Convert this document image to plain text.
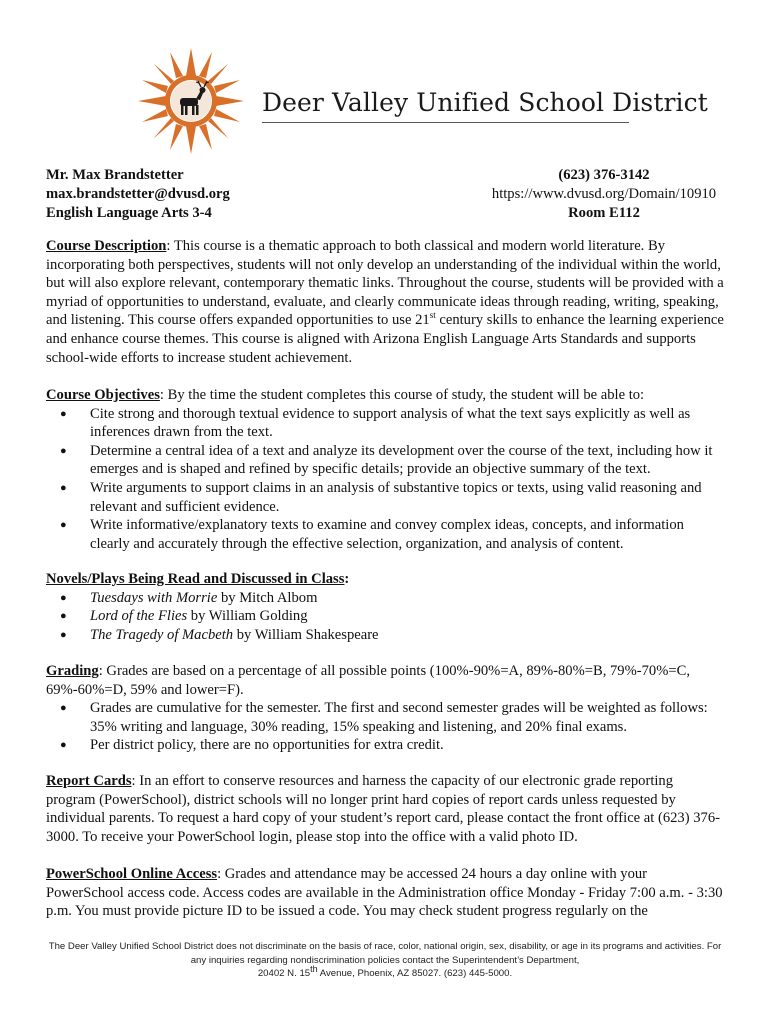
Deer Valley Unified School District
Mr. Max Brandstetter
max.brandstetter@dvusd.org
English Language Arts 3-4
(623) 376-3142
https://www.dvusd.org/Domain/10910
Room E112
Course Description: This course is a thematic approach to both classical and modern world literature. By incorporating both perspectives, students will not only develop an understanding of the individual within the world, but will also explore relevant, contemporary thematic links. Throughout the course, students will be provided with a myriad of opportunities to understand, evaluate, and clearly communicate ideas through reading, writing, speaking, and listening. This course offers expanded opportunities to use 21st century skills to enhance the learning experience and enhance course themes. This course is aligned with Arizona English Language Arts Standards and supports school-wide efforts to increase student achievement.
Course Objectives: By the time the student completes this course of study, the student will be able to:
● Cite strong and thorough textual evidence to support analysis of what the text says explicitly as well as inferences drawn from the text.
● Determine a central idea of a text and analyze its development over the course of the text, including how it emerges and is shaped and refined by specific details; provide an objective summary of the text.
● Write arguments to support claims in an analysis of substantive topics or texts, using valid reasoning and relevant and sufficient evidence.
● Write informative/explanatory texts to examine and convey complex ideas, concepts, and information clearly and accurately through the effective selection, organization, and analysis of content.
Novels/Plays Being Read and Discussed in Class:
● Tuesdays with Morrie by Mitch Albom
● Lord of the Flies by William Golding
● The Tragedy of Macbeth by William Shakespeare
Grading: Grades are based on a percentage of all possible points (100%-90%=A, 89%-80%=B, 79%-70%=C, 69%-60%=D, 59% and lower=F).
● Grades are cumulative for the semester. The first and second semester grades will be weighted as follows: 35% writing and language, 30% reading, 15% speaking and listening, and 20% final exams.
● Per district policy, there are no opportunities for extra credit.
Report Cards: In an effort to conserve resources and harness the capacity of our electronic grade reporting program (PowerSchool), district schools will no longer print hard copies of report cards unless requested by individual parents. To request a hard copy of your student’s report card, please contact the front office at (623) 376-3000. To receive your PowerSchool login, please stop into the office with a valid photo ID.
PowerSchool Online Access: Grades and attendance may be accessed 24 hours a day online with your PowerSchool access code. Access codes are available in the Administration office Monday - Friday 7:00 a.m. - 3:30 p.m. You must provide picture ID to be issued a code. You may check student progress regularly on the
The Deer Valley Unified School District does not discriminate on the basis of race, color, national origin, sex, disability, or age in its programs and activities. For any inquiries regarding nondiscrimination policies contact the Superintendent’s Department,
20402 N. 15th Avenue, Phoenix, AZ 85027. (623) 445-5000.
